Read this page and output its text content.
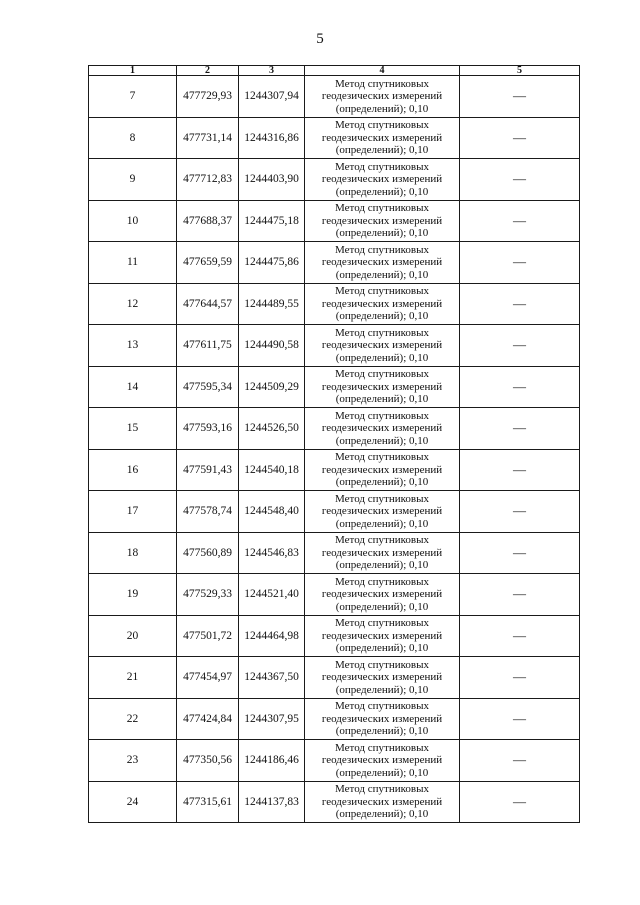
5
1	2	3	4	5
7	477729,93	1244307,94	Метод спутниковых
геодезических измерений
(определений); 0,10	—
8	477731,14	1244316,86	Метод спутниковых
геодезических измерений
(определений); 0,10	—
9	477712,83	1244403,90	Метод спутниковых
геодезических измерений
(определений); 0,10	—
10	477688,37	1244475,18	Метод спутниковых
геодезических измерений
(определений); 0,10	—
11	477659,59	1244475,86	Метод спутниковых
геодезических измерений
(определений); 0,10	—
12	477644,57	1244489,55	Метод спутниковых
геодезических измерений
(определений); 0,10	—
13	477611,75	1244490,58	Метод спутниковых
геодезических измерений
(определений); 0,10	—
14	477595,34	1244509,29	Метод спутниковых
геодезических измерений
(определений); 0,10	—
15	477593,16	1244526,50	Метод спутниковых
геодезических измерений
(определений); 0,10	—
16	477591,43	1244540,18	Метод спутниковых
геодезических измерений
(определений); 0,10	—
17	477578,74	1244548,40	Метод спутниковых
геодезических измерений
(определений); 0,10	—
18	477560,89	1244546,83	Метод спутниковых
геодезических измерений
(определений); 0,10	—
19	477529,33	1244521,40	Метод спутниковых
геодезических измерений
(определений); 0,10	—
20	477501,72	1244464,98	Метод спутниковых
геодезических измерений
(определений); 0,10	—
21	477454,97	1244367,50	Метод спутниковых
геодезических измерений
(определений); 0,10	—
22	477424,84	1244307,95	Метод спутниковых
геодезических измерений
(определений); 0,10	—
23	477350,56	1244186,46	Метод спутниковых
геодезических измерений
(определений); 0,10	—
24	477315,61	1244137,83	Метод спутниковых
геодезических измерений
(определений); 0,10	—
